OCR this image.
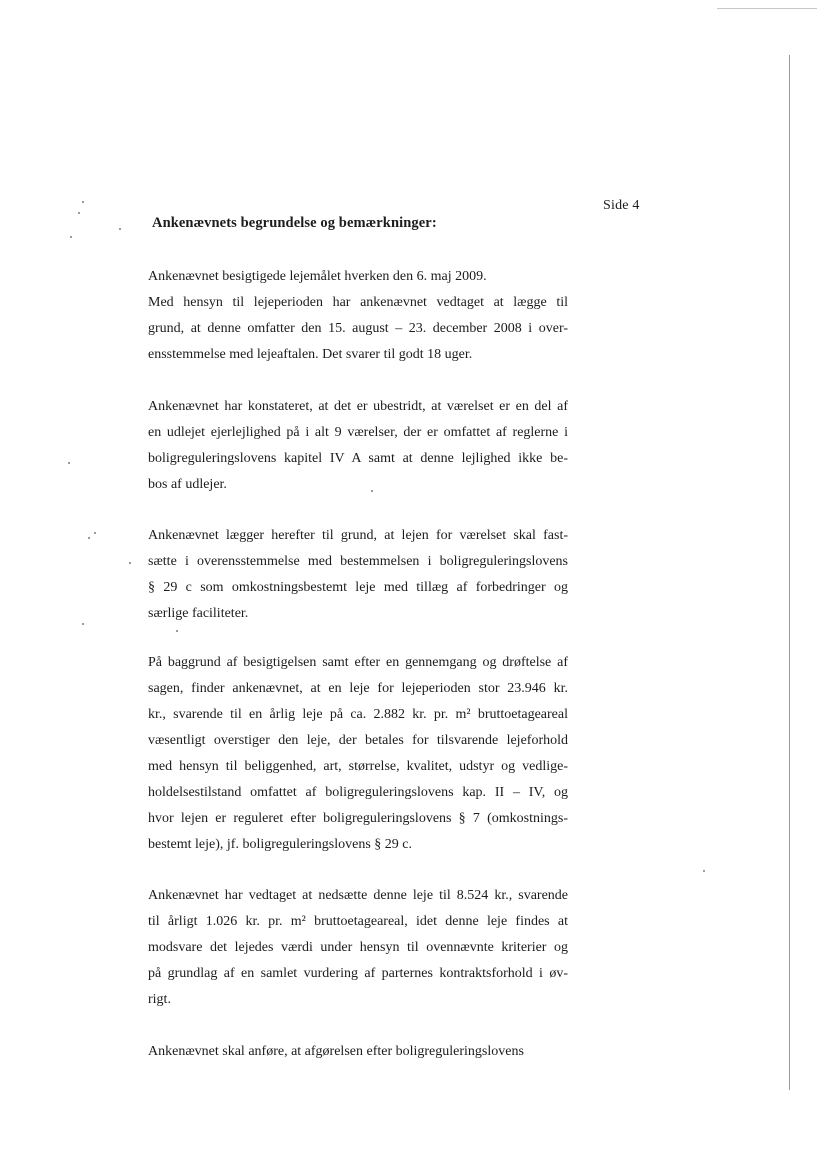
Side 4
Ankenævnets begrundelse og bemærkninger:
Ankenævnet besigtigede lejemålet hverken den 6. maj 2009.
Med hensyn til lejeperioden har ankenævnet vedtaget at lægge til
grund, at denne omfatter den 15. august – 23. december 2008 i over-
ensstemmelse med lejeaftalen. Det svarer til godt 18 uger.
Ankenævnet har konstateret, at det er ubestridt, at værelset er en del af
en udlejet ejerlejlighed på i alt 9 værelser, der er omfattet af reglerne i
boligreguleringslovens kapitel IV A samt at denne lejlighed ikke be-
bos af udlejer.
Ankenævnet lægger herefter til grund, at lejen for værelset skal fast-
sætte i overensstemmelse med bestemmelsen i boligreguleringslovens
§ 29 c som omkostningsbestemt leje med tillæg af forbedringer og
særlige faciliteter.
På baggrund af besigtigelsen samt efter en gennemgang og drøftelse af
sagen, finder ankenævnet, at en leje for lejeperioden stor 23.946 kr.
kr., svarende til en årlig leje på ca. 2.882 kr. pr. m² bruttoetageareal
væsentligt overstiger den leje, der betales for tilsvarende lejeforhold
med hensyn til beliggenhed, art, størrelse, kvalitet, udstyr og vedlige-
holdelsestilstand omfattet af boligreguleringslovens kap. II – IV, og
hvor lejen er reguleret efter boligreguleringslovens § 7 (omkostnings-
bestemt leje), jf. boligreguleringslovens § 29 c.
Ankenævnet har vedtaget at nedsætte denne leje til 8.524 kr., svarende
til årligt 1.026 kr. pr. m² bruttoetageareal, idet denne leje findes at
modsvare det lejedes værdi under hensyn til ovennævnte kriterier og
på grundlag af en samlet vurdering af parternes kontraktsforhold i øv-
rigt.
Ankenævnet skal anføre, at afgørelsen efter boligreguleringslovens
